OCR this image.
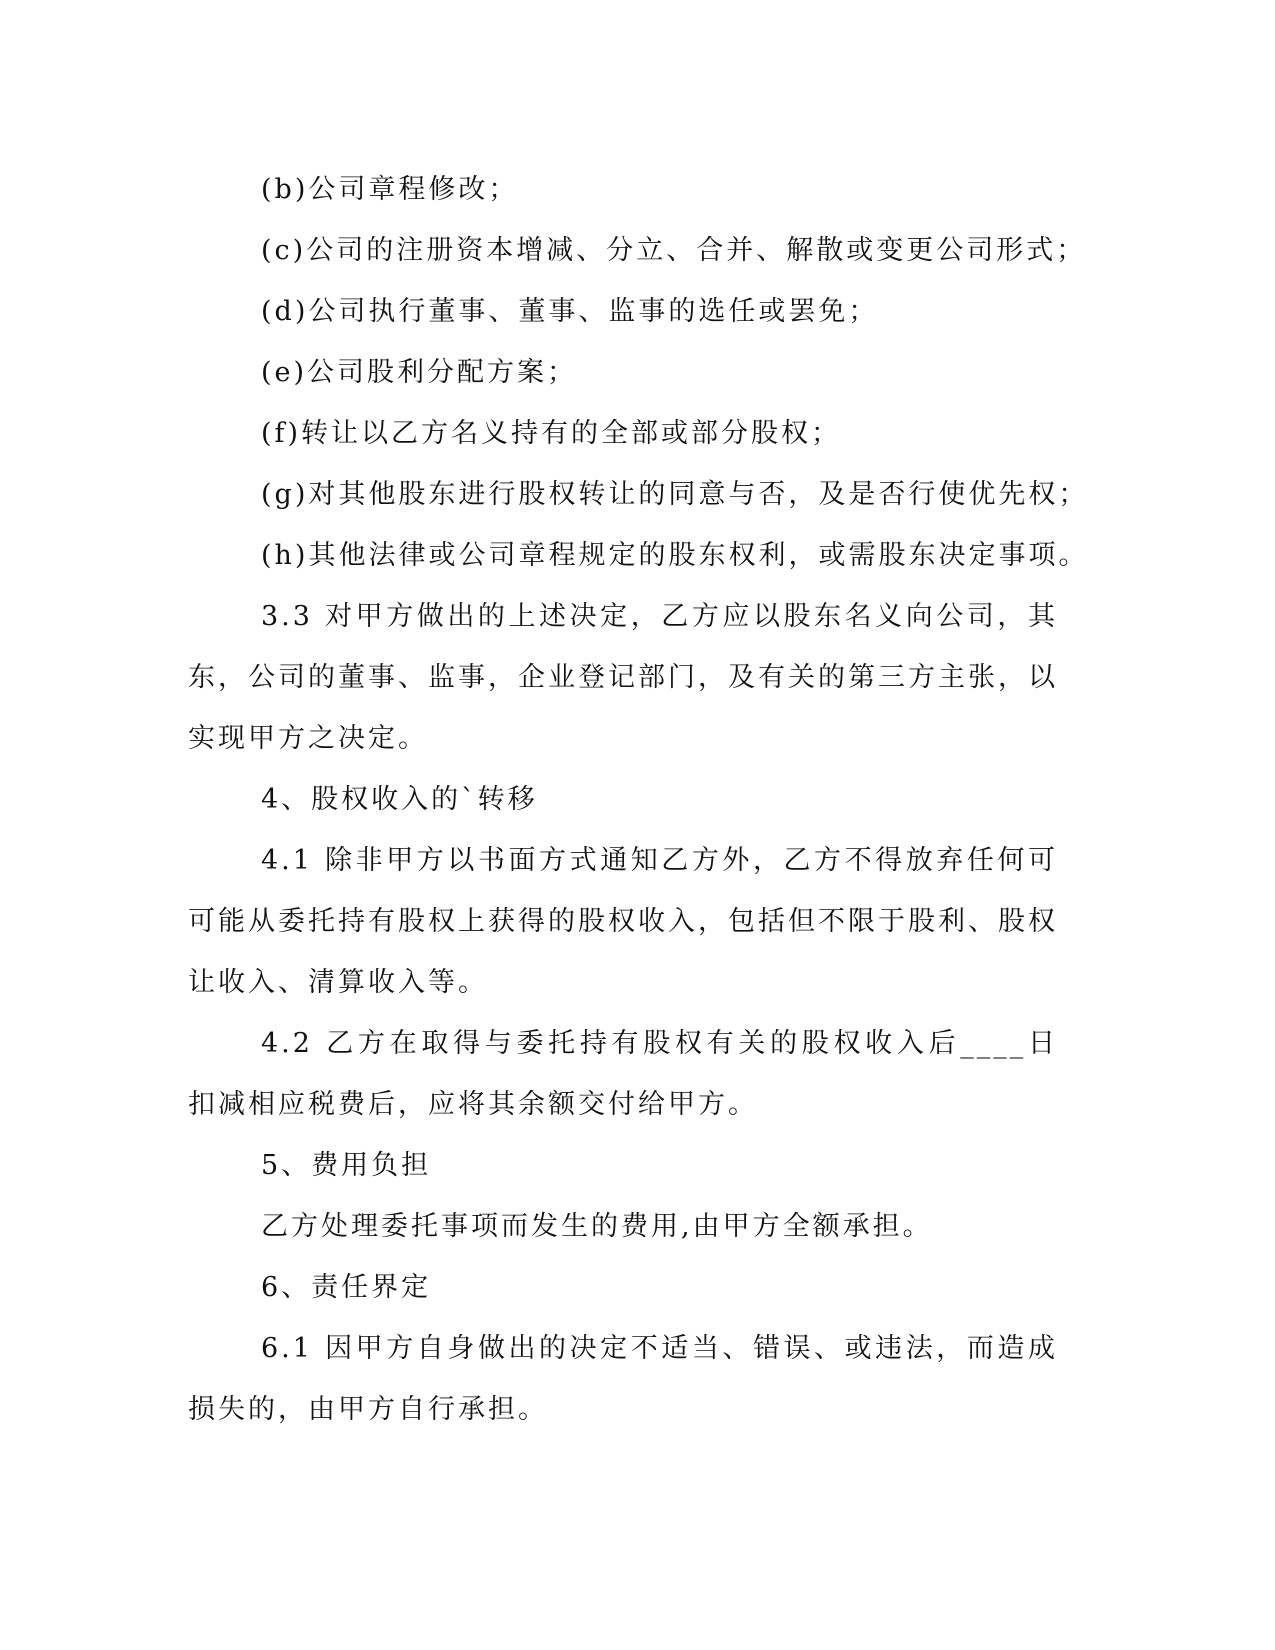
(b)公司章程修改；
(c)公司的注册资本增减、分立、合并、解散或变更公司形式；
(d)公司执行董事、董事、监事的选任或罢免；
(e)公司股利分配方案；
(f)转让以乙方名义持有的全部或部分股权；
(g)对其他股东进行股权转让的同意与否，及是否行使优先权；
(h)其他法律或公司章程规定的股东权利，或需股东决定事项。
3.3 对甲方做出的上述决定，乙方应以股东名义向公司，其
东，公司的董事、监事，企业登记部门，及有关的第三方主张，以
实现甲方之决定。
4、股权收入的`转移
4.1 除非甲方以书面方式通知乙方外，乙方不得放弃任何可
可能从委托持有股权上获得的股权收入，包括但不限于股利、股权
让收入、清算收入等。
4.2 乙方在取得与委托持有股权有关的股权收入后____日
扣减相应税费后，应将其余额交付给甲方。
5、费用负担
乙方处理委托事项而发生的费用,由甲方全额承担。
6、责任界定
6.1 因甲方自身做出的决定不适当、错误、或违法，而造成
损失的，由甲方自行承担。
